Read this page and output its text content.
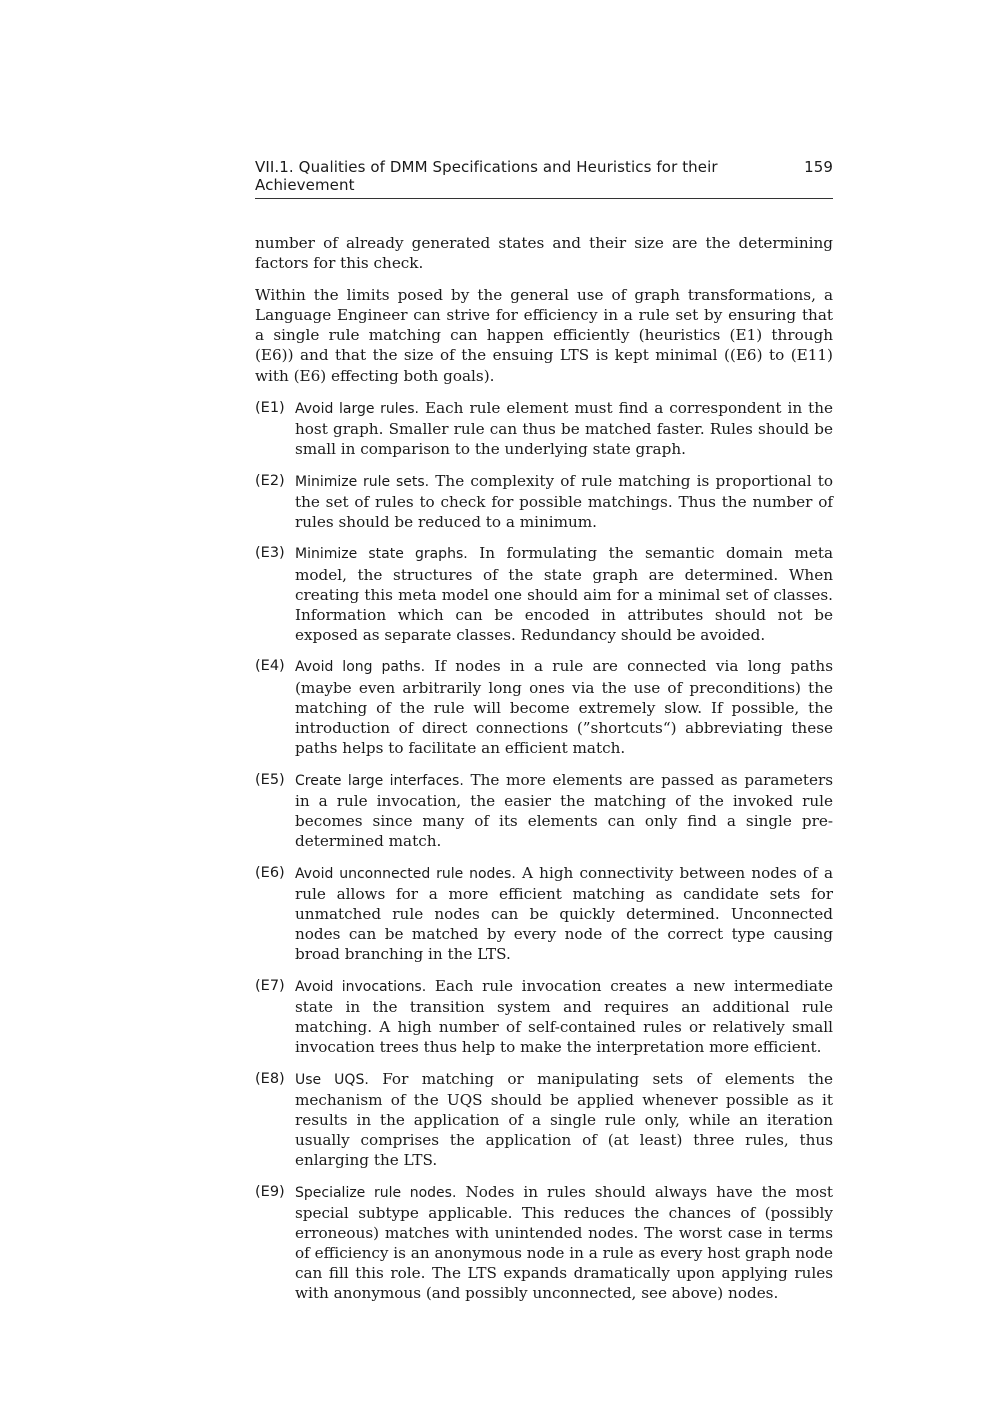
VII.1. Qualities of DMM Specifications and Heuristics for their Achievement
159

number of already generated states and their size are the determining factors for this check.

Within the limits posed by the general use of graph transformations, a Language Engineer can strive for efficiency in a rule set by ensuring that a single rule matching can happen efficiently (heuristics (E1) through (E6)) and that the size of the ensuing LTS is kept minimal ((E6) to (E11) with (E6) effecting both goals).

(E1) Avoid large rules. Each rule element must find a correspondent in the host graph. Smaller rule can thus be matched faster. Rules should be small in comparison to the underlying state graph.
(E2) Minimize rule sets. The complexity of rule matching is proportional to the set of rules to check for possible matchings. Thus the number of rules should be reduced to a minimum.
(E3) Minimize state graphs. In formulating the semantic domain meta model, the structures of the state graph are determined. When creating this meta model one should aim for a minimal set of classes. Information which can be encoded in attributes should not be exposed as separate classes. Redundancy should be avoided.
(E4) Avoid long paths. If nodes in a rule are connected via long paths (maybe even arbitrarily long ones via the use of preconditions) the matching of the rule will become extremely slow. If possible, the introduction of direct connections (”shortcuts“) abbreviating these paths helps to facilitate an efficient match.
(E5) Create large interfaces. The more elements are passed as parameters in a rule invocation, the easier the matching of the invoked rule becomes since many of its elements can only find a single pre-determined match.
(E6) Avoid unconnected rule nodes. A high connectivity between nodes of a rule allows for a more efficient matching as candidate sets for unmatched rule nodes can be quickly determined. Unconnected nodes can be matched by every node of the correct type causing broad branching in the LTS.
(E7) Avoid invocations. Each rule invocation creates a new intermediate state in the transition system and requires an additional rule matching. A high number of self-contained rules or relatively small invocation trees thus help to make the interpretation more efficient.
(E8) Use UQS. For matching or manipulating sets of elements the mechanism of the UQS should be applied whenever possible as it results in the application of a single rule only, while an iteration usually comprises the application of (at least) three rules, thus enlarging the LTS.
(E9) Specialize rule nodes. Nodes in rules should always have the most special subtype applicable. This reduces the chances of (possibly erroneous) matches with unintended nodes. The worst case in terms of efficiency is an anonymous node in a rule as every host graph node can fill this role. The LTS expands dramatically upon applying rules with anonymous (and possibly unconnected, see above) nodes.
